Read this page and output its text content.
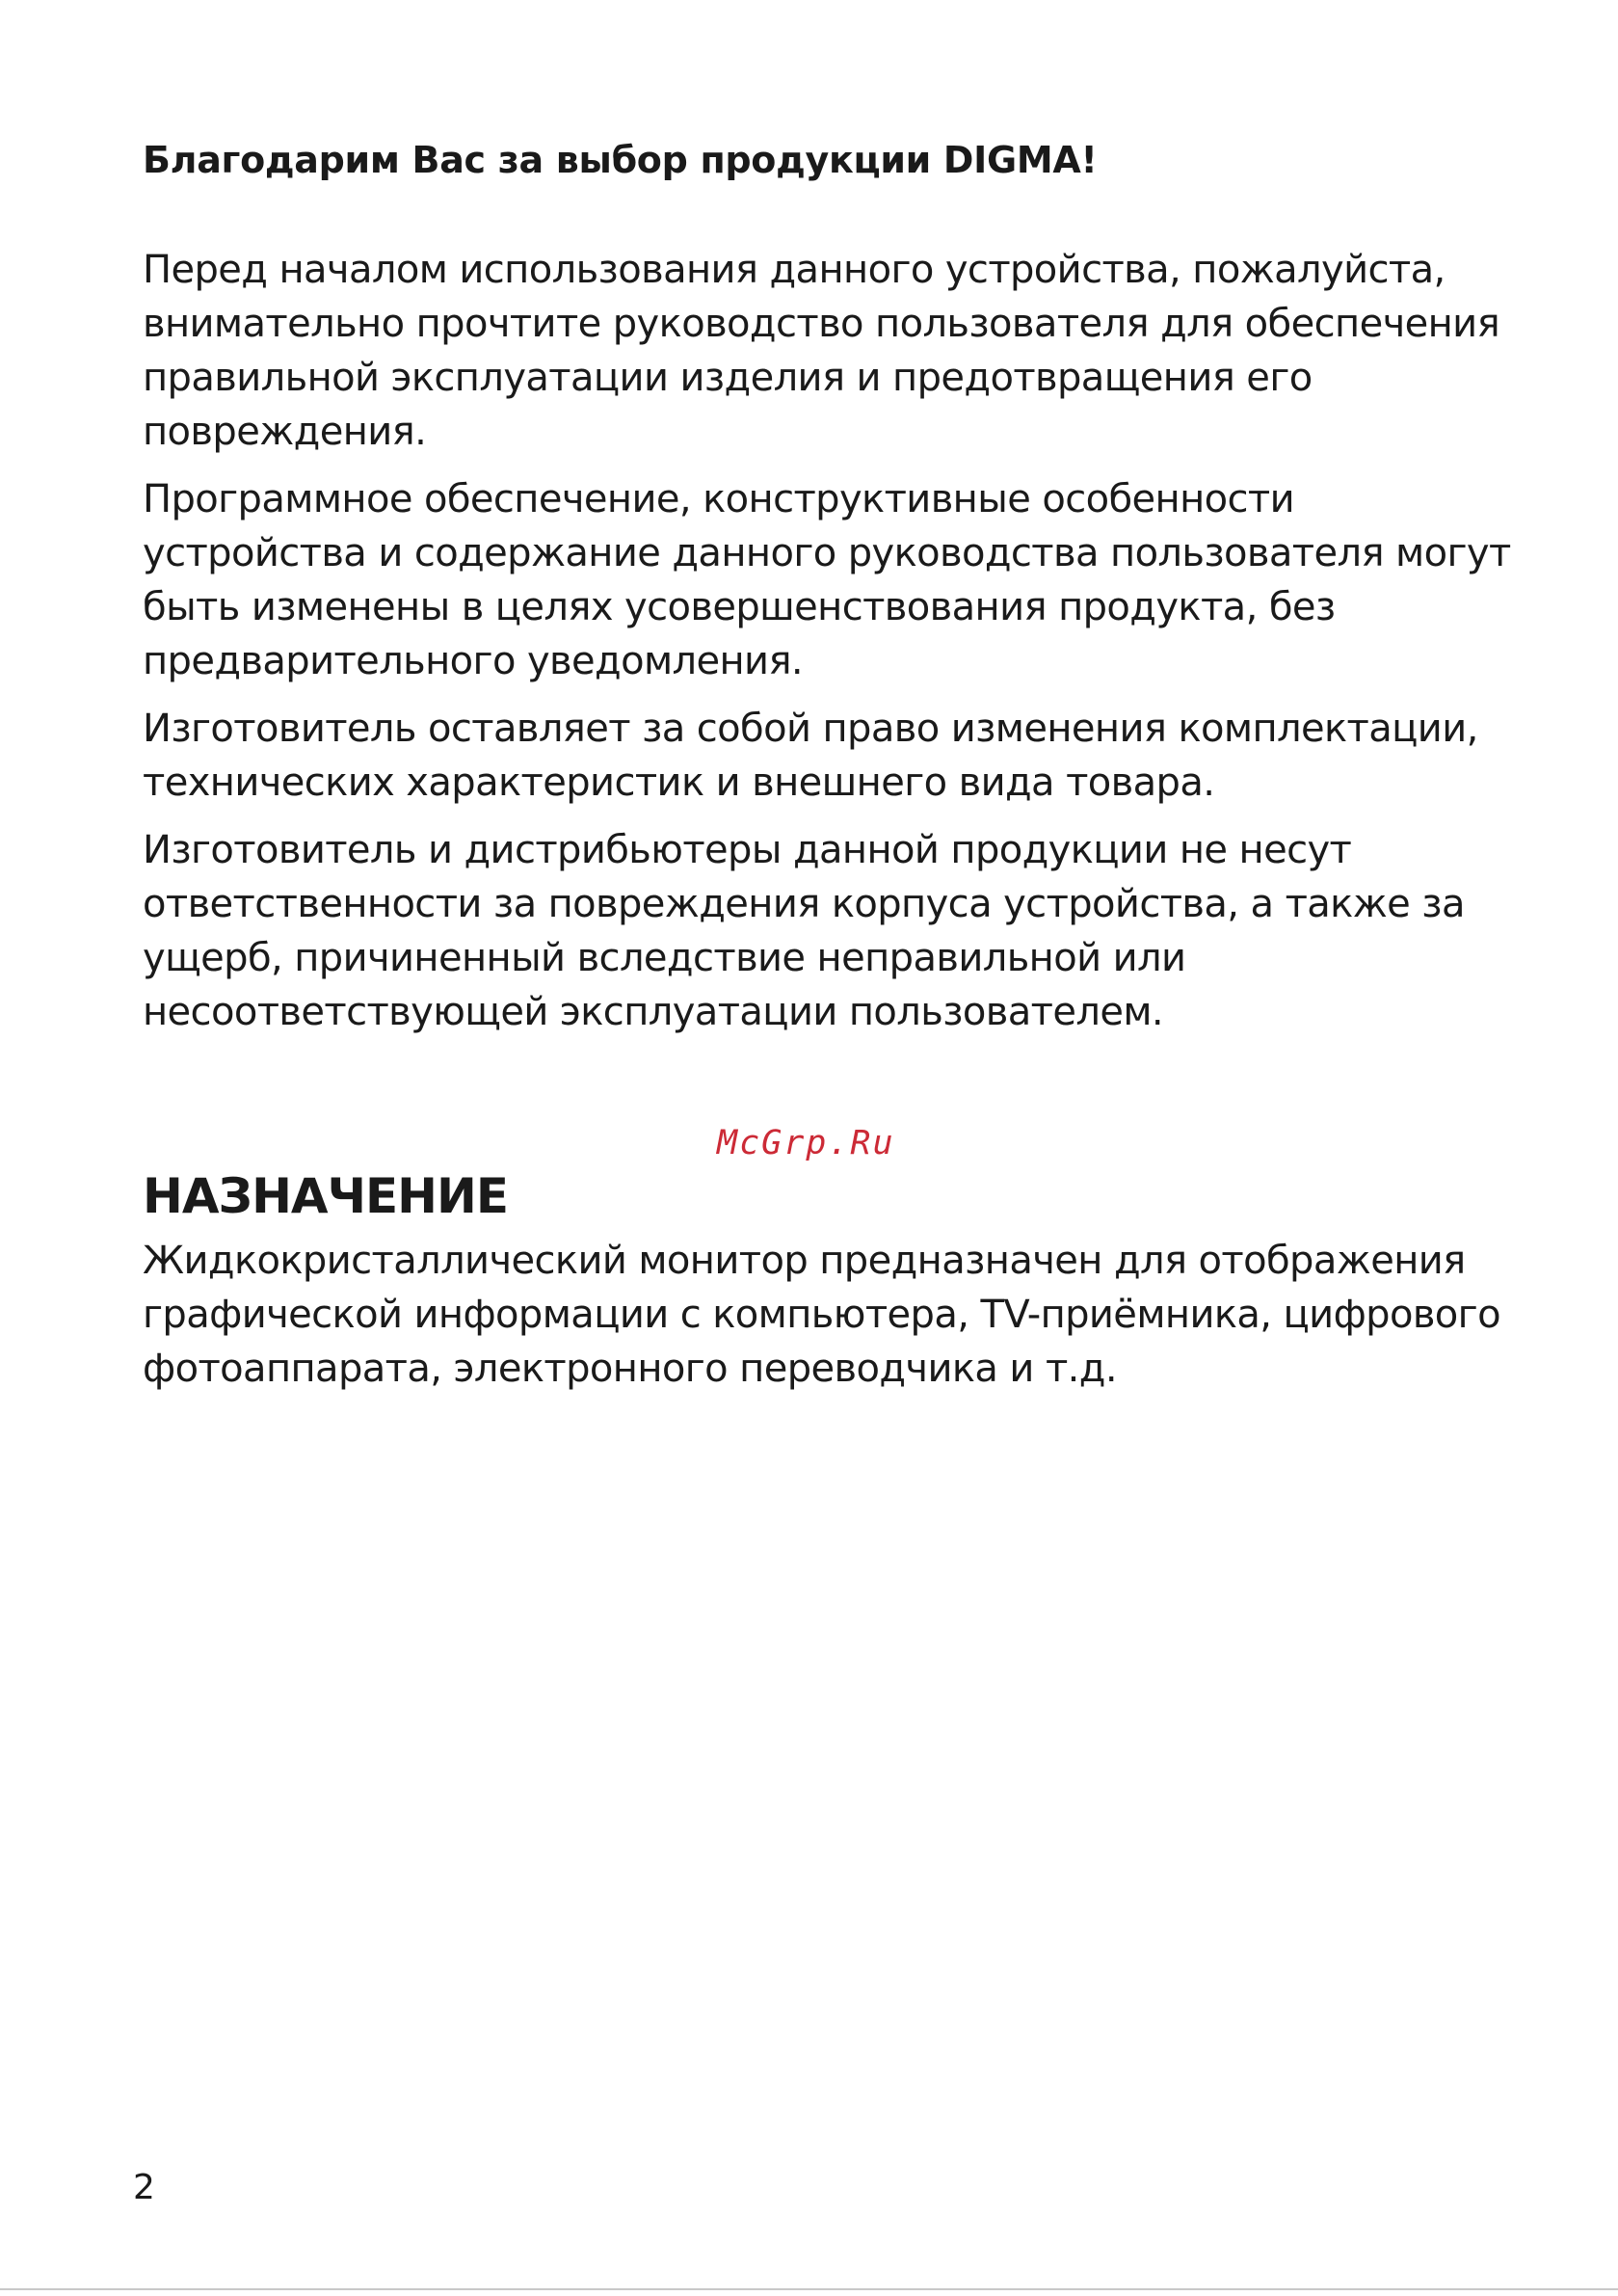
Благодарим Вас за выбор продукции DIGMA!

Перед началом использования данного устройства, пожалуйста, внимательно прочтите руководство пользователя для обеспечения правильной эксплуатации изделия и предотвращения его повреждения.

Программное обеспечение, конструктивные особенности устройства и содержание данного руководства пользователя могут быть изменены в целях усовершенствования продукта, без предварительного уведомления.

Изготовитель оставляет за собой право изменения комплектации, технических характеристик и внешнего вида товара.

Изготовитель и дистрибьютеры данной продукции не несут ответственности за повреждения корпуса устройства, а также за ущерб, причиненный вследствие неправильной или несоответствующей эксплуатации пользователем.

McGrp.Ru
НАЗНАЧЕНИЕ

Жидкокристаллический монитор предназначен для отображения графической информации с компьютера, TV-приёмника, цифрового фотоаппарата, электронного переводчика и т.д.

2
